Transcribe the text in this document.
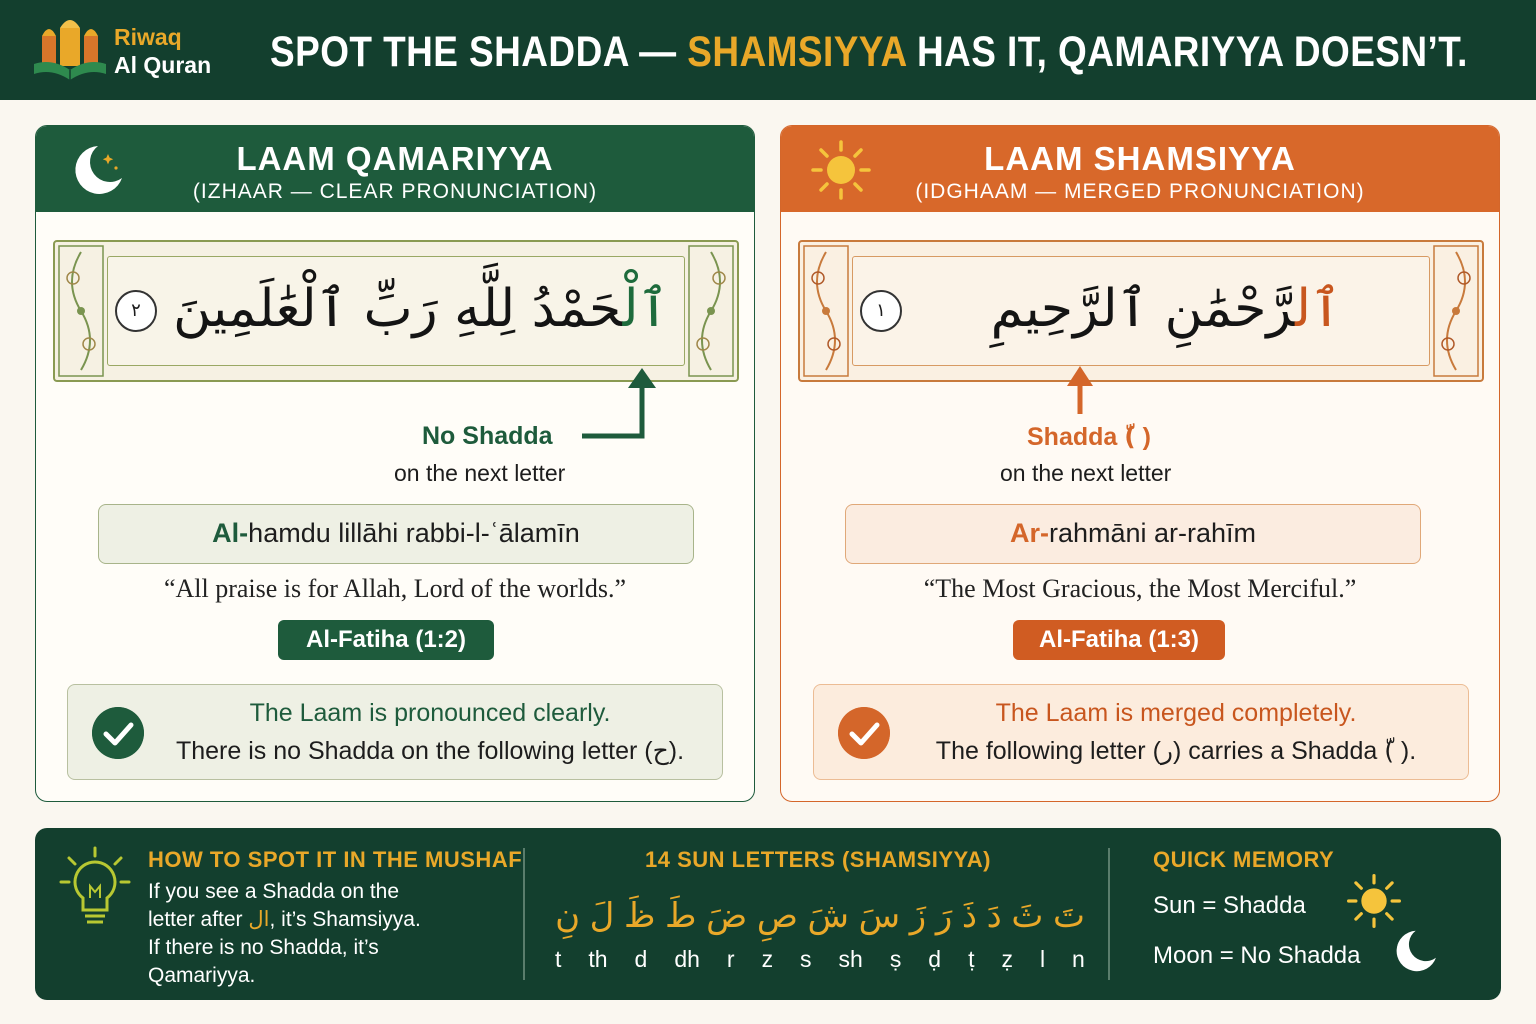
Riwaq
Al Quran SPOT THE SHADDA — SHAMSIYYA HAS IT, QAMARIYYA DOESN’T.
LAAM QAMARIYYA
(IZHAAR — CLEAR PRONUNCIATION)
٢	ٱلْحَمْدُ لِلَّهِ رَبِّ ٱلْعَٰلَمِينَ
No Shadda
on the next letter
Al-hamdu lillāhi rabbi-l-ʿālamīn
“All praise is for Allah, Lord of the worlds.”
Al-Fatiha (1:2)
The Laam is pronounced clearly.
There is no Shadda on the following letter (ح).
LAAM SHAMSIYYA
(IDGHAAM — MERGED PRONUNCIATION)
١	ٱلرَّحْمَٰنِ ٱلرَّحِيمِ
Shadda (ّ )
on the next letter
Ar-rahmāni ar-rahīm
“The Most Gracious, the Most Merciful.”
Al-Fatiha (1:3)
The Laam is merged completely.
The following letter (ر) carries a Shadda (ّ ).
HOW TO SPOT IT IN THE MUSHAF
If you see a Shadda on the
letter after ال, it’s Shamsiyya.
If there is no Shadda, it’s
Qamariyya.
14 SUN LETTERS (SHAMSIYYA)
تَ
ثَ
دَ
ذَ
رَ
زَ
سَ
شَ
صِ
ضَ
طَ
ظَ
لَ
نِ
t th d dh r z s sh ṣ ḍ ṭ ẓ l n
QUICK MEMORY
Sun = Shadda
Moon = No Shadda
